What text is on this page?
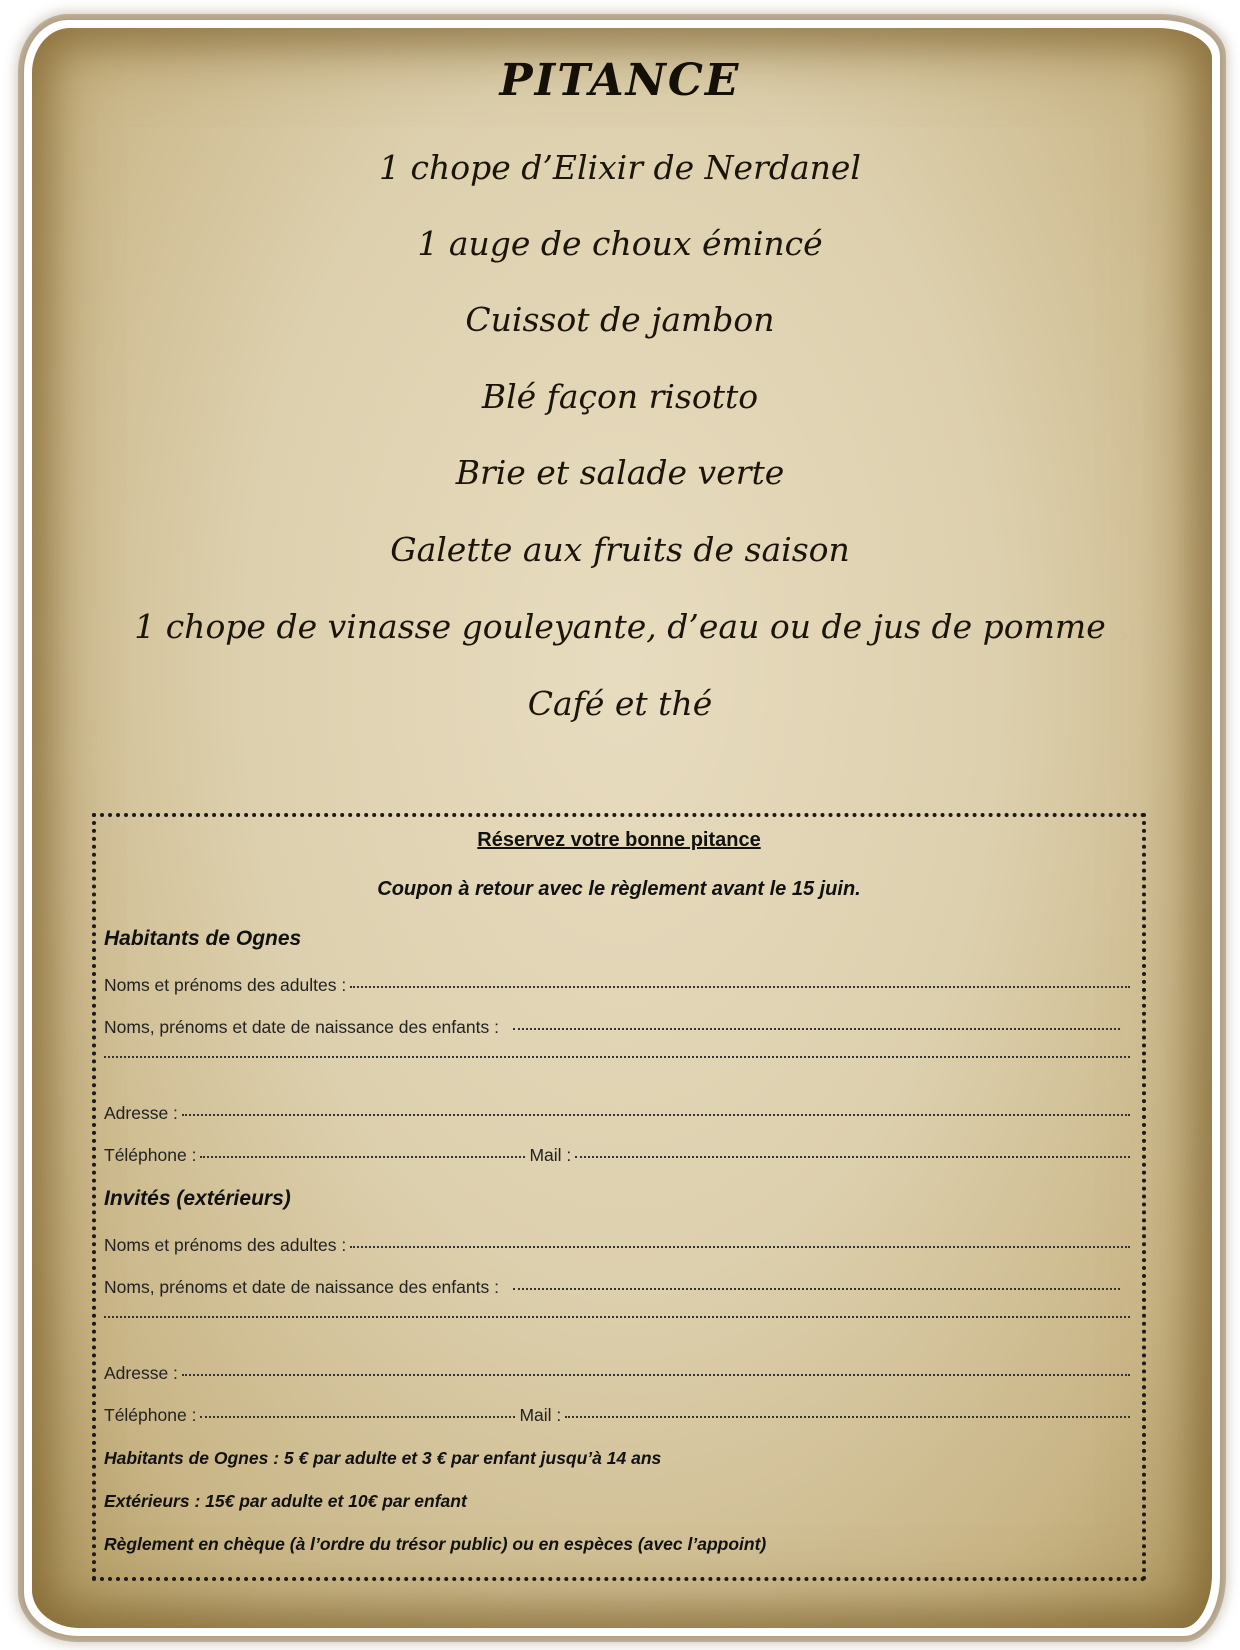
PITANCE
1 chope d’Elixir de Nerdanel
1 auge de choux émincé
Cuissot de jambon
Blé façon risotto
Brie et salade verte
Galette aux fruits de saison
1 chope de vinasse gouleyante, d’eau ou de jus de pomme
Café et thé
Réservez votre bonne pitance
Coupon à retour avec le règlement avant le 15 juin.
Habitants de Ognes
Noms et prénoms des adultes :
Noms, prénoms et date de naissance des enfants :
Adresse :
Téléphone :	Mail :
Invités (extérieurs)
Noms et prénoms des adultes :
Noms, prénoms et date de naissance des enfants :
Adresse :
Téléphone :	Mail :
Habitants de Ognes : 5 € par adulte et 3 € par enfant jusqu’à 14 ans
Extérieurs : 15€ par adulte et 10€ par enfant
Règlement en chèque (à l’ordre du trésor public) ou en espèces (avec l’appoint)
